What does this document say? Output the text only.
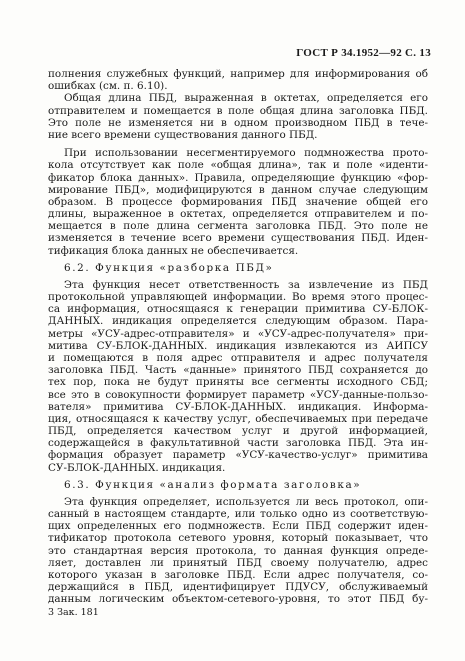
ГОСТ Р 34.1952—92 С. 13
полнения служебных функций, например для информирования об
ошибках (см. п. 6.10).
Общая длина ПБД, выраженная в октетах, определяется его
отправителем и помещается в поле общая длина заголовка ПБД.
Это поле не изменяется ни в одном производном ПБД в тече-
ние всего времени существования данного ПБД.
При использовании несегментируемого подмножества прото-
кола отсутствует как поле «общая длина», так и поле «иденти-
фикатор блока данных». Правила, определяющие функцию «фор-
мирование ПБД», модифицируются в данном случае следующим
образом. В процессе формирования ПБД значение общей его
длины, выраженное в октетах, определяется отправителем и по-
мещается в поле длина сегмента заголовка ПБД. Это поле не
изменяется в течение всего времени существования ПБД. Иден-
тификация блока данных не обеспечивается.
6.2. Функция «разборка ПБД»
Эта функция несет ответственность за извлечение из ПБД
протокольной управляющей информации. Во время этого процес-
са информация, относящаяся к генерации примитива СУ-БЛОК-
ДАННЫХ. индикация определяется следующим образом. Пара-
метры «УСУ-адрес-отправителя» и «УСУ-адрес-получателя» при-
митива СУ-БЛОК-ДАННЫХ. индикация извлекаются из АИПСУ
и помещаются в поля адрес отправителя и адрес получателя
заголовка ПБД. Часть «данные» принятого ПБД сохраняется до
тех пор, пока не будут приняты все сегменты исходного СБД;
все это в совокупности формирует параметр «УСУ-данные-пользо-
вателя» примитива СУ-БЛОК-ДАННЫХ. индикация. Информа-
ция, относящаяся к качеству услуг, обеспечиваемых при передаче
ПБД, определяется качеством услуг и другой информацией,
содержащейся в факультативной части заголовка ПБД. Эта ин-
формация образует параметр «УСУ-качество-услуг» примитива
СУ-БЛОК-ДАННЫХ. индикация.
6.3. Функция «анализ формата заголовка»
Эта функция определяет, используется ли весь протокол, опи-
санный в настоящем стандарте, или только одно из соответствую-
щих определенных его подмножеств. Если ПБД содержит иден-
тификатор протокола сетевого уровня, который показывает, что
это стандартная версия протокола, то данная функция опреде-
ляет, доставлен ли принятый ПБД своему получателю, адрес
которого указан в заголовке ПБД. Если адрес получателя, со-
держащийся в ПБД, идентифицирует ПДУСУ, обслуживаемый
данным логическим объектом-сетевого-уровня, то этот ПБД бу-
3 Зак. 181
